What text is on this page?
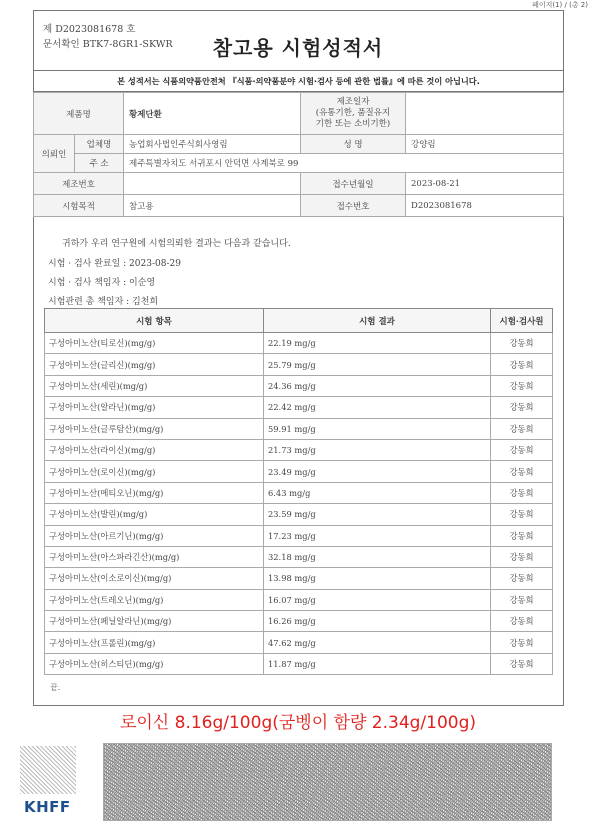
페이지(1) / (총 2)
제 D2023081678 호
문서확인 BTK7-8GR1-SKWR	참고용 시험성적서
본 성적서는 식품의약품안전처 『식품·의약품분야 시험·검사 등에 관한 법률』에 따른 것이 아닙니다.
제품명		황제단환	제조일자
(유통기한, 품질유지
기한 또는 소비기한)	
의뢰인	업체명	농업회사법인주식회사영림	성 명	강양림
	주 소	제주특별자치도 서귀포시 안덕면 사계북로 99		
제조번호			접수년월일	2023-08-21
시험목적		참고용	접수번호	D2023081678
귀하가 우리 연구원에 시험의뢰한 결과는 다음과 같습니다.
시험 · 검사 완료일 : 2023-08-29
시험 · 검사 책임자 : 이순영
시험관련 총 책임자 : 김천희
시험 항목	시험 결과	시험·검사원
구성아미노산(티로신)(mg/g)	22.19 mg/g	강동희
구성아미노산(글리신)(mg/g)	25.79 mg/g	강동희
구성아미노산(세린)(mg/g)	24.36 mg/g	강동희
구성아미노산(알라닌)(mg/g)	22.42 mg/g	강동희
구성아미노산(글루탐산)(mg/g)	59.91 mg/g	강동희
구성아미노산(라이신)(mg/g)	21.73 mg/g	강동희
구성아미노산(로이신)(mg/g)	23.49 mg/g	강동희
구성아미노산(메티오닌)(mg/g)	6.43 mg/g	강동희
구성아미노산(발린)(mg/g)	23.59 mg/g	강동희
구성아미노산(아르기닌)(mg/g)	17.23 mg/g	강동희
구성아미노산(아스파라긴산)(mg/g)	32.18 mg/g	강동희
구성아미노산(이소로이신)(mg/g)	13.98 mg/g	강동희
구성아미노산(트레오닌)(mg/g)	16.07 mg/g	강동희
구성아미노산(페닐알라닌)(mg/g)	16.26 mg/g	강동희
구성아미노산(프롤린)(mg/g)	47.62 mg/g	강동희
구성아미노산(히스티딘)(mg/g)	11.87 mg/g	강동희
끝.
로이신 8.16g/100g(굼벵이 함량 2.34g/100g)
KHFF
